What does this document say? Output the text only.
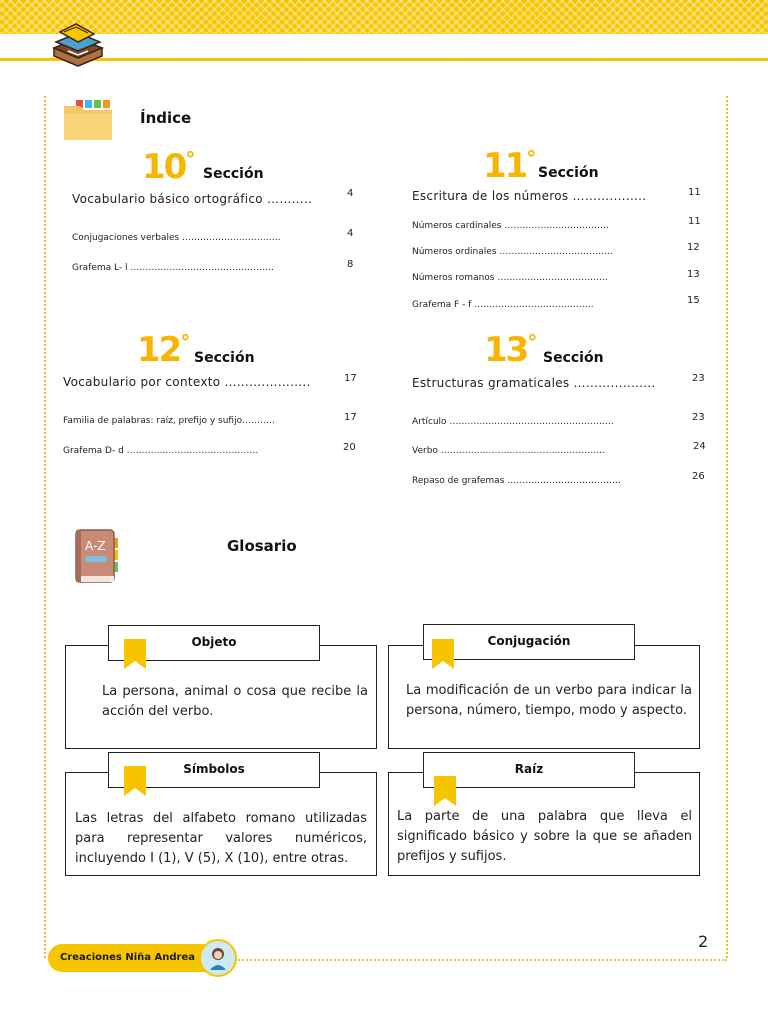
Índice
10°
Sección
Vocabulario básico ortográfico ………..	4
Conjugaciones verbales ……………..…………….	4
Grafema L- l ……………..………………………….	8
11°
Sección
Escritura de los números ……….……..	11
Números cardinales ………………..……………	11
Números ordinales ………..………………………	12
Números romanos ………..……………………..	13
Grafema F - f ………...……………………….	15
12°
Sección
Vocabulario por contexto ……….………..	17
Familia de palabras: raíz, prefijo y sufijo………..	17
Grafema D- d ………..……………………………	20
13°
Sección
Estructuras gramaticales ………..………	23
Artículo …………..……………………..……………	23
Verbo …………..……………………..……………	24
Repaso de grafemas ………..………………………	26
A-Z	Glosario
Objeto
La persona, animal o cosa que recibe la acción del verbo.
Conjugación
La modificación de un verbo para indicar la persona, número, tiempo, modo y aspecto.
Símbolos
Las letras del alfabeto romano utilizadas para representar valores numéricos, incluyendo I (1), V (5), X (10), entre otras.
Raíz
La parte de una palabra que lleva el significado básico y sobre la que se añaden prefijos y sufijos.
Creaciones Niña Andrea
2
